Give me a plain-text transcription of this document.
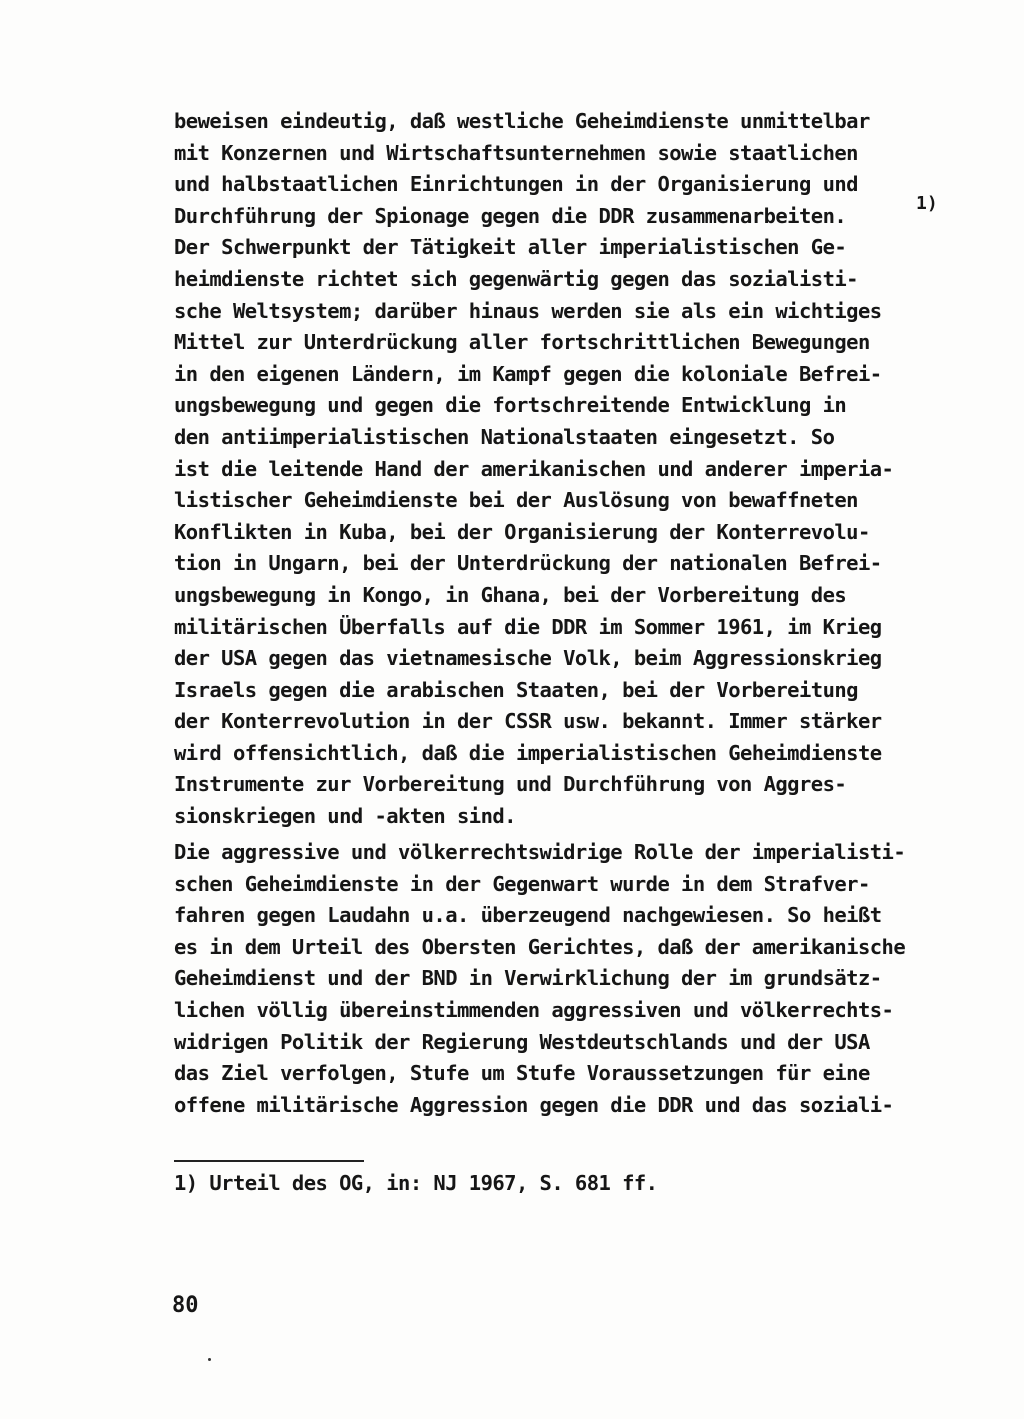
beweisen eindeutig, daß westliche Geheimdienste unmittelbar
mit Konzernen und Wirtschaftsunternehmen sowie staatlichen
und halbstaatlichen Einrichtungen in der Organisierung und
Durchführung der Spionage gegen die DDR zusammenarbeiten.
Der Schwerpunkt der Tätigkeit aller imperialistischen Ge-
heimdienste richtet sich gegenwärtig gegen das sozialisti-
sche Weltsystem; darüber hinaus werden sie als ein wichtiges
Mittel zur Unterdrückung aller fortschrittlichen Bewegungen
in den eigenen Ländern, im Kampf gegen die koloniale Befrei-
ungsbewegung und gegen die fortschreitende Entwicklung in
den antiimperialistischen Nationalstaaten eingesetzt. So
ist die leitende Hand der amerikanischen und anderer imperia-
listischer Geheimdienste bei der Auslösung von bewaffneten
Konflikten in Kuba, bei der Organisierung der Konterrevolu-
tion in Ungarn, bei der Unterdrückung der nationalen Befrei-
ungsbewegung in Kongo, in Ghana, bei der Vorbereitung des
militärischen Überfalls auf die DDR im Sommer 1961, im Krieg
der USA gegen das vietnamesische Volk, beim Aggressionskrieg
Israels gegen die arabischen Staaten, bei der Vorbereitung
der Konterrevolution in der CSSR usw. bekannt. Immer stärker
wird offensichtlich, daß die imperialistischen Geheimdienste
Instrumente zur Vorbereitung und Durchführung von Aggres-
sionskriegen und -akten sind.
1)
Die aggressive und völkerrechtswidrige Rolle der imperialisti-
schen Geheimdienste in der Gegenwart wurde in dem Strafver-
fahren gegen Laudahn u.a. überzeugend nachgewiesen. So heißt
es in dem Urteil des Obersten Gerichtes, daß der amerikanische
Geheimdienst und der BND in Verwirklichung der im grundsätz-
lichen völlig übereinstimmenden aggressiven und völkerrechts-
widrigen Politik der Regierung Westdeutschlands und der USA
das Ziel verfolgen, Stufe um Stufe Voraussetzungen für eine
offene militärische Aggression gegen die DDR und das soziali-
1) Urteil des OG, in: NJ 1967, S. 681 ff.
80
